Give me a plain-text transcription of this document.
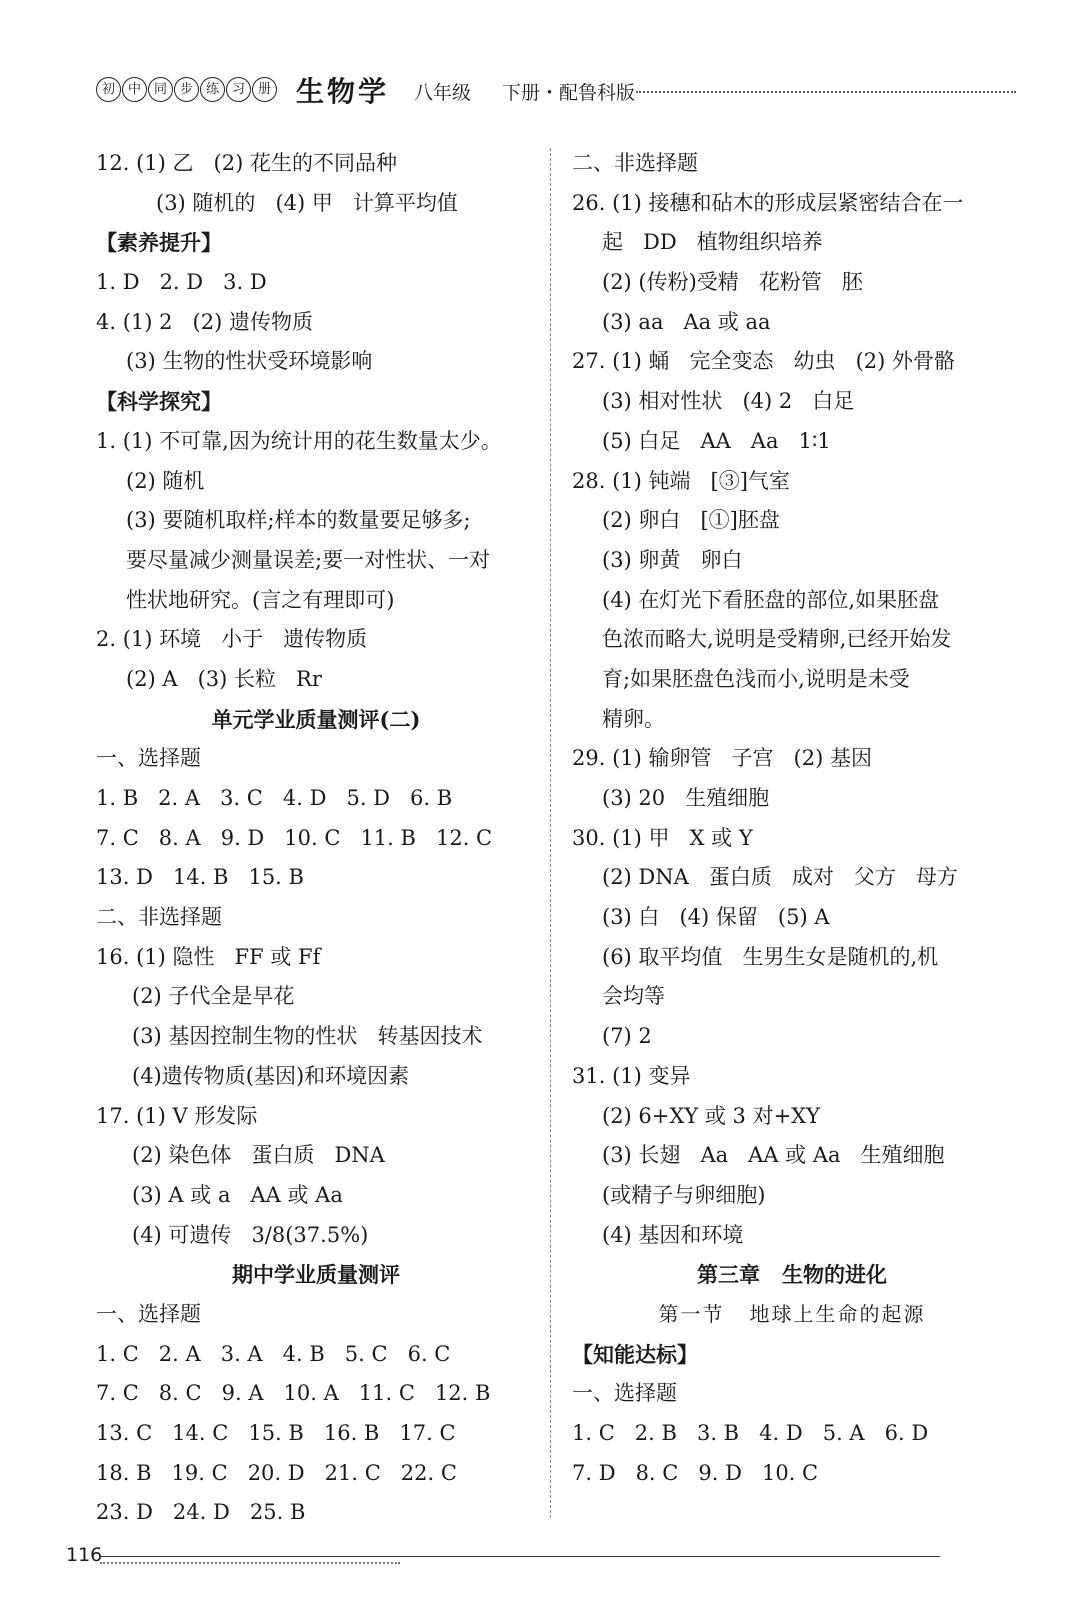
初 中 同 步 练 习 册 生物学 八年级 下册・配鲁科版
12. (1) 乙   (2) 花生的不同品种
(3) 随机的   (4) 甲   计算平均值
【素养提升】
1. D   2. D   3. D
4. (1) 2   (2) 遗传物质
(3) 生物的性状受环境影响
【科学探究】
1. (1) 不可靠,因为统计用的花生数量太少。
(2) 随机
(3) 要随机取样;样本的数量要足够多;
要尽量减少测量误差;要一对性状、一对
性状地研究。(言之有理即可)
2. (1) 环境   小于   遗传物质
(2) A   (3) 长粒   Rr
单元学业质量测评(二)
一、选择题
1. B   2. A   3. C   4. D   5. D   6. B
7. C   8. A   9. D   10. C   11. B   12. C
13. D   14. B   15. B
二、非选择题
16. (1) 隐性   FF 或 Ff
(2) 子代全是早花
(3) 基因控制生物的性状   转基因技术
(4)遗传物质(基因)和环境因素
17. (1) V 形发际
(2) 染色体   蛋白质   DNA
(3) A 或 a   AA 或 Aa
(4) 可遗传   3/8(37.5%)
期中学业质量测评
一、选择题
1. C   2. A   3. A   4. B   5. C   6. C
7. C   8. C   9. A   10. A   11. C   12. B
13. C   14. C   15. B   16. B   17. C
18. B   19. C   20. D   21. C   22. C
23. D   24. D   25. B
二、非选择题
26. (1) 接穗和砧木的形成层紧密结合在一
起   DD   植物组织培养
(2) (传粉)受精   花粉管   胚
(3) aa   Aa 或 aa
27. (1) 蛹   完全变态   幼虫   (2) 外骨骼
(3) 相对性状   (4) 2   白足
(5) 白足   AA   Aa   1∶1
28. (1) 钝端   [③]气室
(2) 卵白   [①]胚盘
(3) 卵黄   卵白
(4) 在灯光下看胚盘的部位,如果胚盘
色浓而略大,说明是受精卵,已经开始发
育;如果胚盘色浅而小,说明是未受
精卵。
29. (1) 输卵管   子宫   (2) 基因
(3) 20   生殖细胞
30. (1) 甲   X 或 Y
(2) DNA   蛋白质   成对   父方   母方
(3) 白   (4) 保留   (5) A
(6) 取平均值   生男生女是随机的,机
会均等
(7) 2
31. (1) 变异
(2) 6+XY 或 3 对+XY
(3) 长翅   Aa   AA 或 Aa   生殖细胞
(或精子与卵细胞)
(4) 基因和环境
第三章   生物的进化
第一节   地球上生命的起源
【知能达标】
一、选择题
1. C   2. B   3. B   4. D   5. A   6. D
7. D   8. C   9. D   10. C
116
